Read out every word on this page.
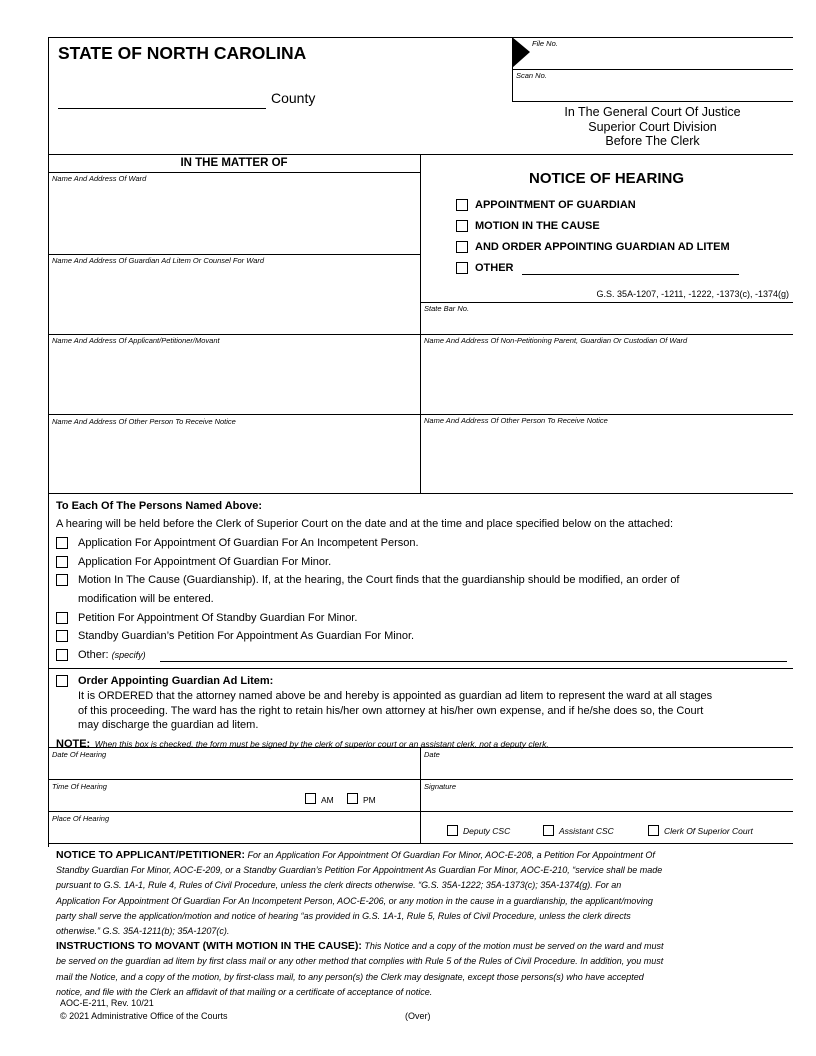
STATE OF NORTH CAROLINA
County
File No.
Scan No.
In The General Court Of Justice
Superior Court Division
Before The Clerk
IN THE MATTER OF
Name And Address Of Ward
Name And Address Of Guardian Ad Litem Or Counsel For Ward
NOTICE OF HEARING
APPOINTMENT OF GUARDIAN
MOTION IN THE CAUSE
AND ORDER APPOINTING GUARDIAN AD LITEM
OTHER
G.S. 35A-1207, -1211, -1222, -1373(c), -1374(g)
State Bar No.
Name And Address Of Applicant/Petitioner/Movant	Name And Address Of Non-Petitioning Parent, Guardian Or Custodian Of Ward
Name And Address Of Other Person To Receive Notice	Name And Address Of Other Person To Receive Notice
To Each Of The Persons Named Above:
A hearing will be held before the Clerk of Superior Court on the date and at the time and place specified below on the attached:
Application For Appointment Of Guardian For An Incompetent Person.
Application For Appointment Of Guardian For Minor.
Motion In The Cause (Guardianship). If, at the hearing, the Court finds that the guardianship should be modified, an order of
modification will be entered.
Petition For Appointment Of Standby Guardian For Minor.
Standby Guardian’s Petition For Appointment As Guardian For Minor.
Other: (specify)
Order Appointing Guardian Ad Litem:
It is ORDERED that the attorney named above be and hereby is appointed as guardian ad litem to represent the ward at all stages
of this proceeding. The ward has the right to retain his/her own attorney at his/her own expense, and if he/she does so, the Court
may discharge the guardian ad litem.
NOTE: When this box is checked, the form must be signed by the clerk of superior court or an assistant clerk, not a deputy clerk.
Date Of Hearing	Date
Time Of Hearing	Signature
AM	PM
Place Of Hearing
Deputy CSC	Assistant CSC	Clerk Of Superior Court
NOTICE TO APPLICANT/PETITIONER: For an Application For Appointment Of Guardian For Minor, AOC-E-208, a Petition For Appointment Of
Standby Guardian For Minor, AOC-E-209, or a Standby Guardian’s Petition For Appointment As Guardian For Minor, AOC-E-210, “service shall be made
pursuant to G.S. 1A-1, Rule 4, Rules of Civil Procedure, unless the clerk directs otherwise. “G.S. 35A-1222; 35A-1373(c); 35A-1374(g). For an
Application For Appointment Of Guardian For An Incompetent Person, AOC-E-206, or any motion in the cause in a guardianship, the applicant/moving
party shall serve the application/motion and notice of hearing “as provided in G.S. 1A-1, Rule 5, Rules of Civil Procedure, unless the clerk directs
otherwise.” G.S. 35A-1211(b); 35A-1207(c).
INSTRUCTIONS TO MOVANT (WITH MOTION IN THE CAUSE): This Notice and a copy of the motion must be served on the ward and must
be served on the guardian ad litem by first class mail or any other method that complies with Rule 5 of the Rules of Civil Procedure. In addition, you must
mail the Notice, and a copy of the motion, by first-class mail, to any person(s) the Clerk may designate, except those persons(s) who have accepted
notice, and file with the Clerk an affidavit of that mailing or a certificate of acceptance of notice.
AOC-E-211, Rev. 10/21
© 2021 Administrative Office of the Courts	(Over)
